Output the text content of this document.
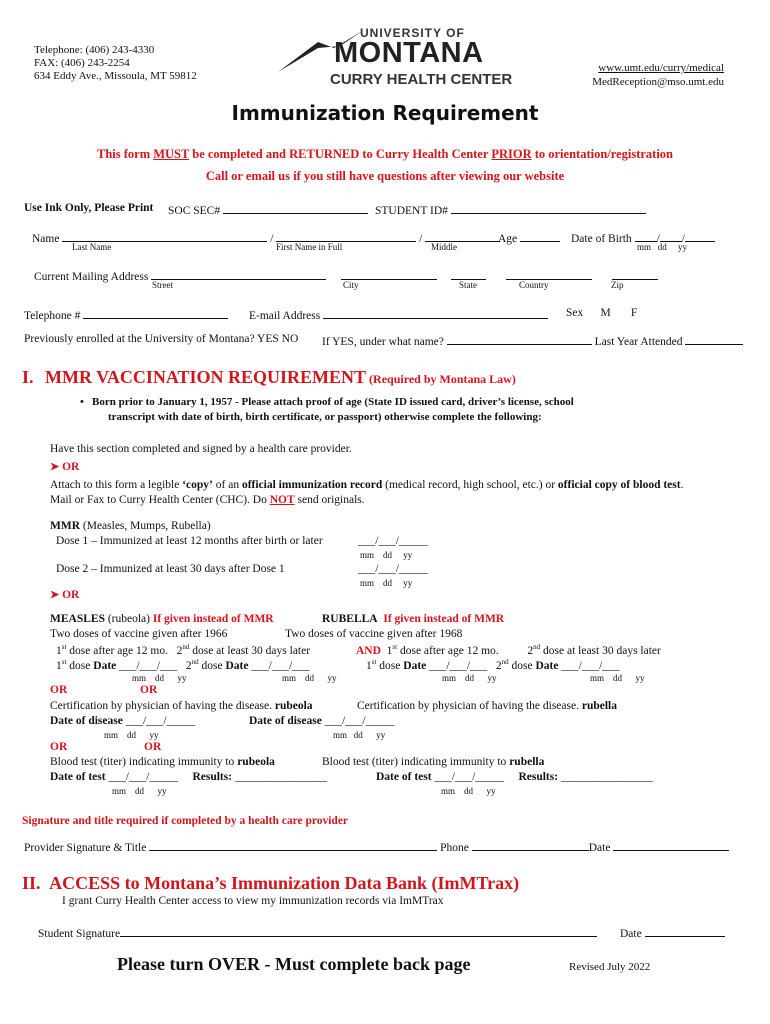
Telephone: (406) 243-4330
FAX: (406) 243-2254
634 Eddy Ave., Missoula, MT 59812
UNIVERSITY OF
MONTANA
CURRY HEALTH CENTER
www.umt.edu/curry/medical
MedReception@mso.umt.edu
Immunization Requirement
This form MUST be completed and RETURNED to Curry Health Center PRIOR to orientation/registration
Call or email us if you still have questions after viewing our website
Use Ink Only, Please Print SOC SEC#	STUDENT ID#
Name	/	/	Age	Date of Birth / /
Last Name	First Name in Full	Middle	mm dd yy
Current Mailing Address
Street	City	State	Country	Zip
Telephone #	E-mail Address	Sex M F
Previously enrolled at the University of Montana? YES NO If YES, under what name?	Last Year Attended
I. MMR VACCINATION REQUIREMENT (Required by Montana Law)
• Born prior to January 1, 1957 - Please attach proof of age (State ID issued card, driver’s license, school
transcript with date of birth, birth certificate, or passport) otherwise complete the following:
Have this section completed and signed by a health care provider.
➤ OR
Attach to this form a legible ‘copy’ of an official immunization record (medical record, high school, etc.) or official copy of blood test.
Mail or Fax to Curry Health Center (CHC). Do NOT send originals.
MMR (Measles, Mumps, Rubella)
Dose 1 – Immunized at least 12 months after birth or later	___/___/_____
mm dd yy
Dose 2 – Immunized at least 30 days after Dose 1	___/___/_____
mm dd yy
➤ OR
MEASLES (rubeola) If given instead of MMR	RUBELLA If given instead of MMR
Two doses of vaccine given after 1966	Two doses of vaccine given after 1968
1st dose after age 12 mo. 2nd dose at least 30 days later	AND 1st dose after age 12 mo.	2nd dose at least 30 days later
1st dose Date ___/___/___ 2nd dose Date ___/___/___	1st dose Date ___/___/___ 2nd dose Date ___/___/___
mm dd yy	mm dd yy	mm dd yy	mm dd yy
OR	OR
Certification by physician of having the disease. rubeola	Certification by physician of having the disease. rubella
Date of disease ___/___/_____	Date of disease ___/___/_____
mm dd yy	mm dd yy
OR	OR
Blood test (titer) indicating immunity to rubeola	Blood test (titer) indicating immunity to rubella
Date of test ___/___/_____ Results: ________________	Date of test ___/___/_____ Results: ________________
mm dd yy	mm dd yy
Signature and title required if completed by a health care provider
Provider Signature & Title	Phone	Date
II. ACCESS to Montana’s Immunization Data Bank (ImMTrax)
I grant Curry Health Center access to view my immunization records via ImMTrax
Student Signature	Date
Please turn OVER - Must complete back page	Revised July 2022
